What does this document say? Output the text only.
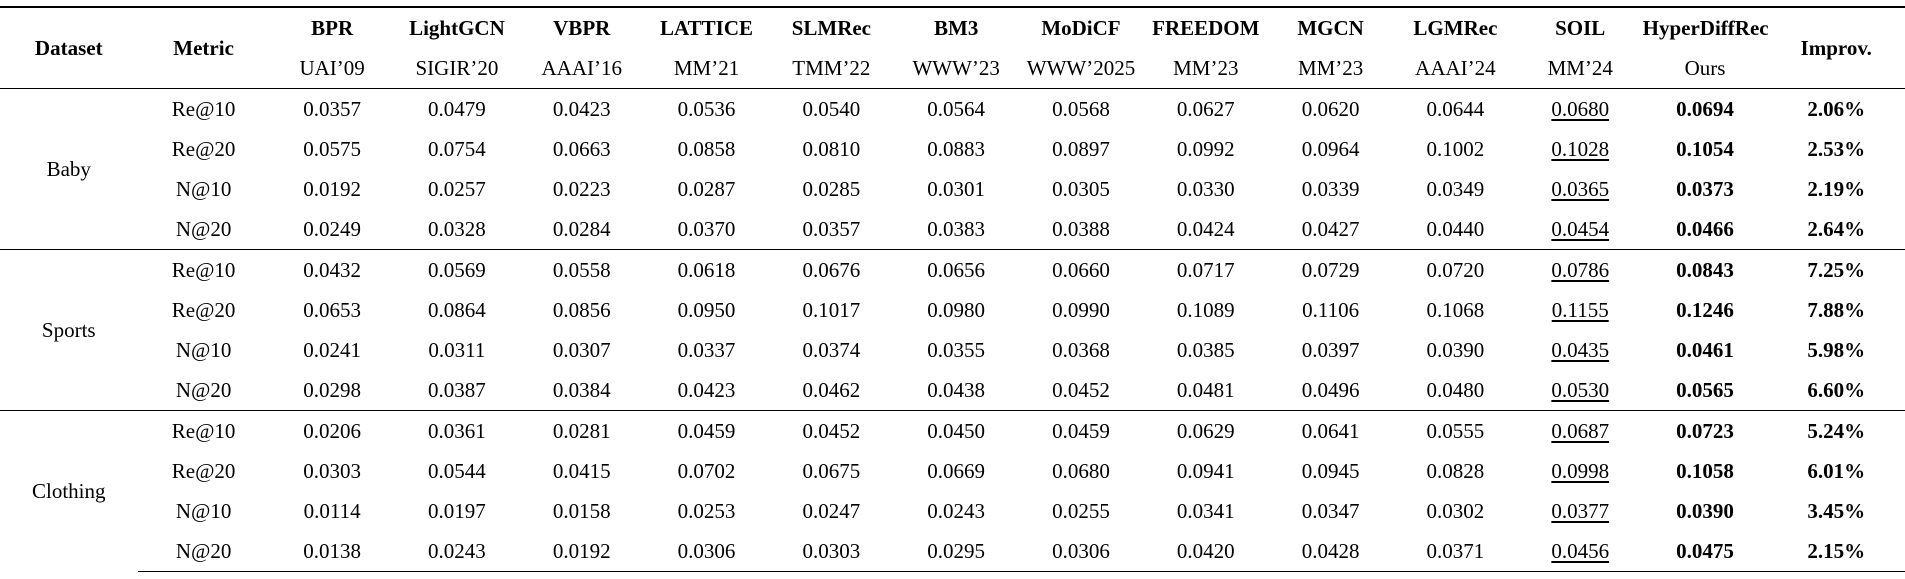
Dataset	Metric	BPR	LightGCN	VBPR	LATTICE	SLMRec	BM3	MoDiCF	FREEDOM	MGCN	LGMRec	SOIL	HyperDiffRec	Improv.
		UAI’09	SIGIR’20	AAAI’16	MM’21	TMM’22	WWW’23	WWW’2025	MM’23	MM’23	AAAI’24	MM’24	Ours	
Baby	Re@10	0.0357	0.0479	0.0423	0.0536	0.0540	0.0564	0.0568	0.0627	0.0620	0.0644	0.0680	0.0694	2.06%
	Re@20	0.0575	0.0754	0.0663	0.0858	0.0810	0.0883	0.0897	0.0992	0.0964	0.1002	0.1028	0.1054	2.53%
	N@10	0.0192	0.0257	0.0223	0.0287	0.0285	0.0301	0.0305	0.0330	0.0339	0.0349	0.0365	0.0373	2.19%
	N@20	0.0249	0.0328	0.0284	0.0370	0.0357	0.0383	0.0388	0.0424	0.0427	0.0440	0.0454	0.0466	2.64%
Sports	Re@10	0.0432	0.0569	0.0558	0.0618	0.0676	0.0656	0.0660	0.0717	0.0729	0.0720	0.0786	0.0843	7.25%
	Re@20	0.0653	0.0864	0.0856	0.0950	0.1017	0.0980	0.0990	0.1089	0.1106	0.1068	0.1155	0.1246	7.88%
	N@10	0.0241	0.0311	0.0307	0.0337	0.0374	0.0355	0.0368	0.0385	0.0397	0.0390	0.0435	0.0461	5.98%
	N@20	0.0298	0.0387	0.0384	0.0423	0.0462	0.0438	0.0452	0.0481	0.0496	0.0480	0.0530	0.0565	6.60%
Clothing	Re@10	0.0206	0.0361	0.0281	0.0459	0.0452	0.0450	0.0459	0.0629	0.0641	0.0555	0.0687	0.0723	5.24%
	Re@20	0.0303	0.0544	0.0415	0.0702	0.0675	0.0669	0.0680	0.0941	0.0945	0.0828	0.0998	0.1058	6.01%
	N@10	0.0114	0.0197	0.0158	0.0253	0.0247	0.0243	0.0255	0.0341	0.0347	0.0302	0.0377	0.0390	3.45%
	N@20	0.0138	0.0243	0.0192	0.0306	0.0303	0.0295	0.0306	0.0420	0.0428	0.0371	0.0456	0.0475	2.15%
